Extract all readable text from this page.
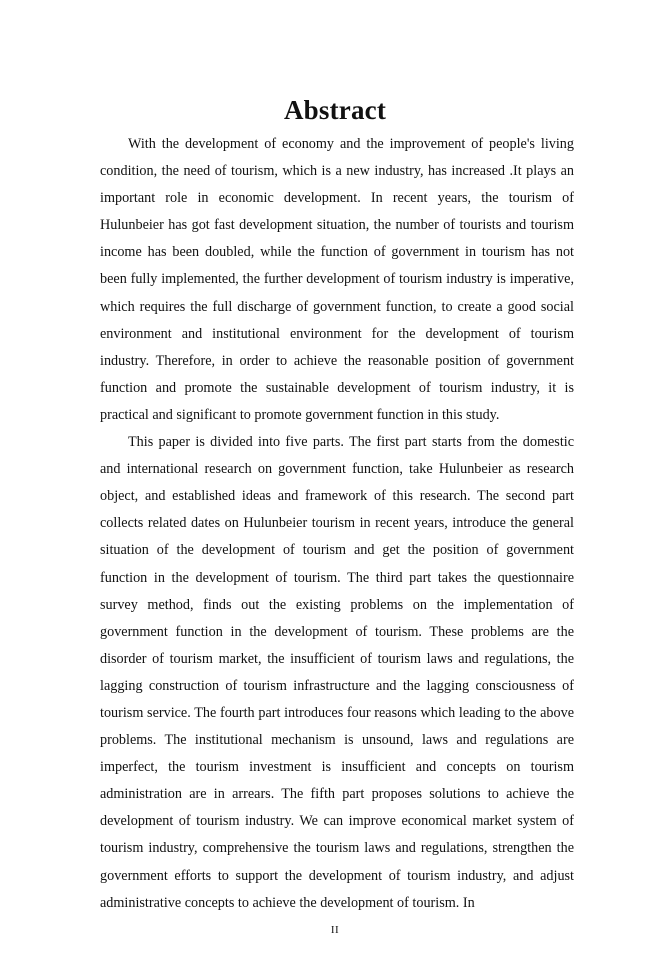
Abstract

With the development of economy and the improvement of people's living condition, the need of tourism, which is a new industry, has increased .It plays an important role in economic development. In recent years, the tourism of Hulunbeier has got fast development situation, the number of tourists and tourism income has been doubled, while the function of government in tourism has not been fully implemented, the further development of tourism industry is imperative, which requires the full discharge of government function, to create a good social environment and institutional environment for the development of tourism industry. Therefore, in order to achieve the reasonable position of government function and promote the sustainable development of tourism industry, it is practical and significant to promote government function in this study.

This paper is divided into five parts. The first part starts from the domestic and international research on government function, take Hulunbeier as research object, and established ideas and framework of this research. The second part collects related dates on Hulunbeier tourism in recent years, introduce the general situation of the development of tourism and get the position of government function in the development of tourism. The third part takes the questionnaire survey method, finds out the existing problems on the implementation of government function in the development of tourism. These problems are the disorder of tourism market, the insufficient of tourism laws and regulations, the lagging construction of tourism infrastructure and the lagging consciousness of tourism service. The fourth part introduces four reasons which leading to the above problems. The institutional mechanism is unsound, laws and regulations are imperfect, the tourism investment is insufficient and concepts on tourism administration are in arrears. The fifth part proposes solutions to achieve the development of tourism industry. We can improve economical market system of tourism industry, comprehensive the tourism laws and regulations, strengthen the government efforts to support the development of tourism industry, and adjust administrative concepts to achieve the development of tourism. In

II
